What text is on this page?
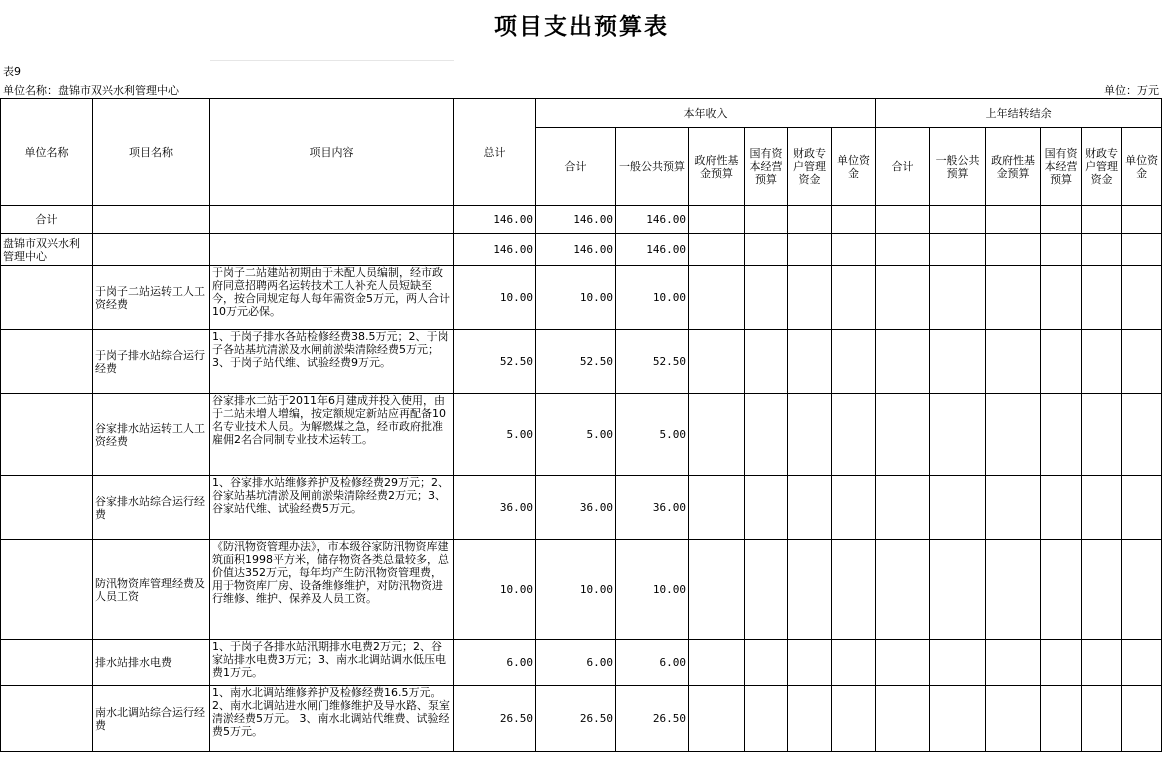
项目支出预算表
表9
单位名称：盘锦市双兴水利管理中心	单位：万元
单位名称	项目名称	项目内容	总计	本年收入						上年结转结余					
				合计	一般公共预算	政府性基金预算	国有资本经营预算	财政专户管理资金	单位资金	合计	一般公共预算	政府性基金预算	国有资本经营预算	财政专户管理资金	单位资金
合计			146.00	146.00	146.00										
盘锦市双兴水利管理中心			146.00	146.00	146.00										
	于岗子二站运转工人工资经费	于岗子二站建站初期由于未配人员编制，经市政府同意招聘两名运转技术工人补充人员短缺至今，按合同规定每人每年需资金5万元，两人合计10万元必保。	10.00	10.00	10.00										
	于岗子排水站综合运行经费	1、于岗子排水各站检修经费38.5万元；2、于岗子各站基坑清淤及水闸前淤柴清除经费5万元；3、于岗子站代维、试验经费9万元。	52.50	52.50	52.50										
	谷家排水站运转工人工资经费	谷家排水二站于2011年6月建成并投入使用，由于二站未增人增编，按定额规定新站应再配备10名专业技术人员。为解燃煤之急，经市政府批准雇佣2名合同制专业技术运转工。	5.00	5.00	5.00										
	谷家排水站综合运行经费	1、谷家排水站维修养护及检修经费29万元；2、谷家站基坑清淤及闸前淤柴清除经费2万元；3、谷家站代维、试验经费5万元。	36.00	36.00	36.00										
	防汛物资库管理经费及人员工资	《防汛物资管理办法》，市本级谷家防汛物资库建筑面积1998平方米，储存物资各类总量较多，总价值达352万元，每年均产生防汛物资管理费，用于物资库厂房、设备维修维护，对防汛物资进行维修、维护、保养及人员工资。	10.00	10.00	10.00										
	排水站排水电费	1、于岗子各排水站汛期排水电费2万元；2、谷家站排水电费3万元；3、南水北调站调水低压电费1万元。	6.00	6.00	6.00										
	南水北调站综合运行经费	1、南水北调站维修养护及检修经费16.5万元。2、南水北调站进水闸门维修维护及导水路、泵室清淤经费5万元。 3、南水北调站代维费、试验经费5万元。	26.50	26.50	26.50										
